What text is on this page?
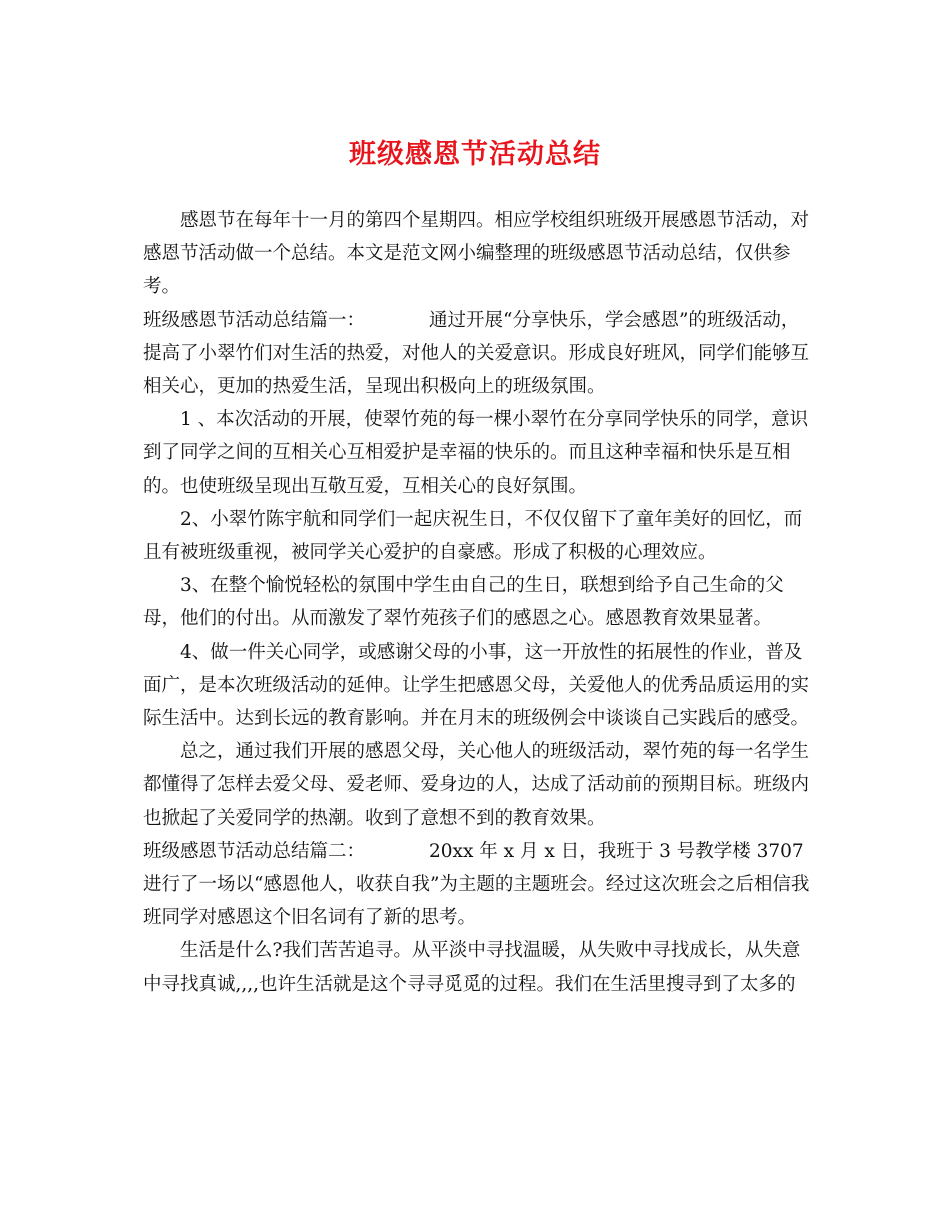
班级感恩节活动总结

感恩节在每年十一月的第四个星期四。相应学校组织班级开展感恩节活动，对感恩节活动做一个总结。本文是范文网小编整理的班级感恩节活动总结，仅供参考。

班级感恩节活动总结篇一：	通过开展“分享快乐，学会感恩”的班级活动，提高了小翠竹们对生活的热爱，对他人的关爱意识。形成良好班风，同学们能够互相关心，更加的热爱生活，呈现出积极向上的班级氛围。

1 、本次活动的开展，使翠竹苑的每一棵小翠竹在分享同学快乐的同学，意识到了同学之间的互相关心互相爱护是幸福的快乐的。而且这种幸福和快乐是互相的。也使班级呈现出互敬互爱，互相关心的良好氛围。

2、小翠竹陈宇航和同学们一起庆祝生日，不仅仅留下了童年美好的回忆，而且有被班级重视，被同学关心爱护的自豪感。形成了积极的心理效应。

3、在整个愉悦轻松的氛围中学生由自己的生日，联想到给予自己生命的父母，他们的付出。从而激发了翠竹苑孩子们的感恩之心。感恩教育效果显著。

4、做一件关心同学，或感谢父母的小事，这一开放性的拓展性的作业，普及面广，是本次班级活动的延伸。让学生把感恩父母，关爱他人的优秀品质运用的实际生活中。达到长远的教育影响。并在月末的班级例会中谈谈自己实践后的感受。

总之，通过我们开展的感恩父母，关心他人的班级活动，翠竹苑的每一名学生都懂得了怎样去爱父母、爱老师、爱身边的人，达成了活动前的预期目标。班级内也掀起了关爱同学的热潮。收到了意想不到的教育效果。

班级感恩节活动总结篇二：	20xx 年 x 月 x 日，我班于 3 号教学楼 3707 进行了一场以“感恩他人，收获自我”为主题的主题班会。经过这次班会之后相信我班同学对感恩这个旧名词有了新的思考。

生活是什么?我们苦苦追寻。从平淡中寻找温暖，从失败中寻找成长，从失意中寻找真诚,,,,也许生活就是这个寻寻觅觅的过程。我们在生活里搜寻到了太多的
